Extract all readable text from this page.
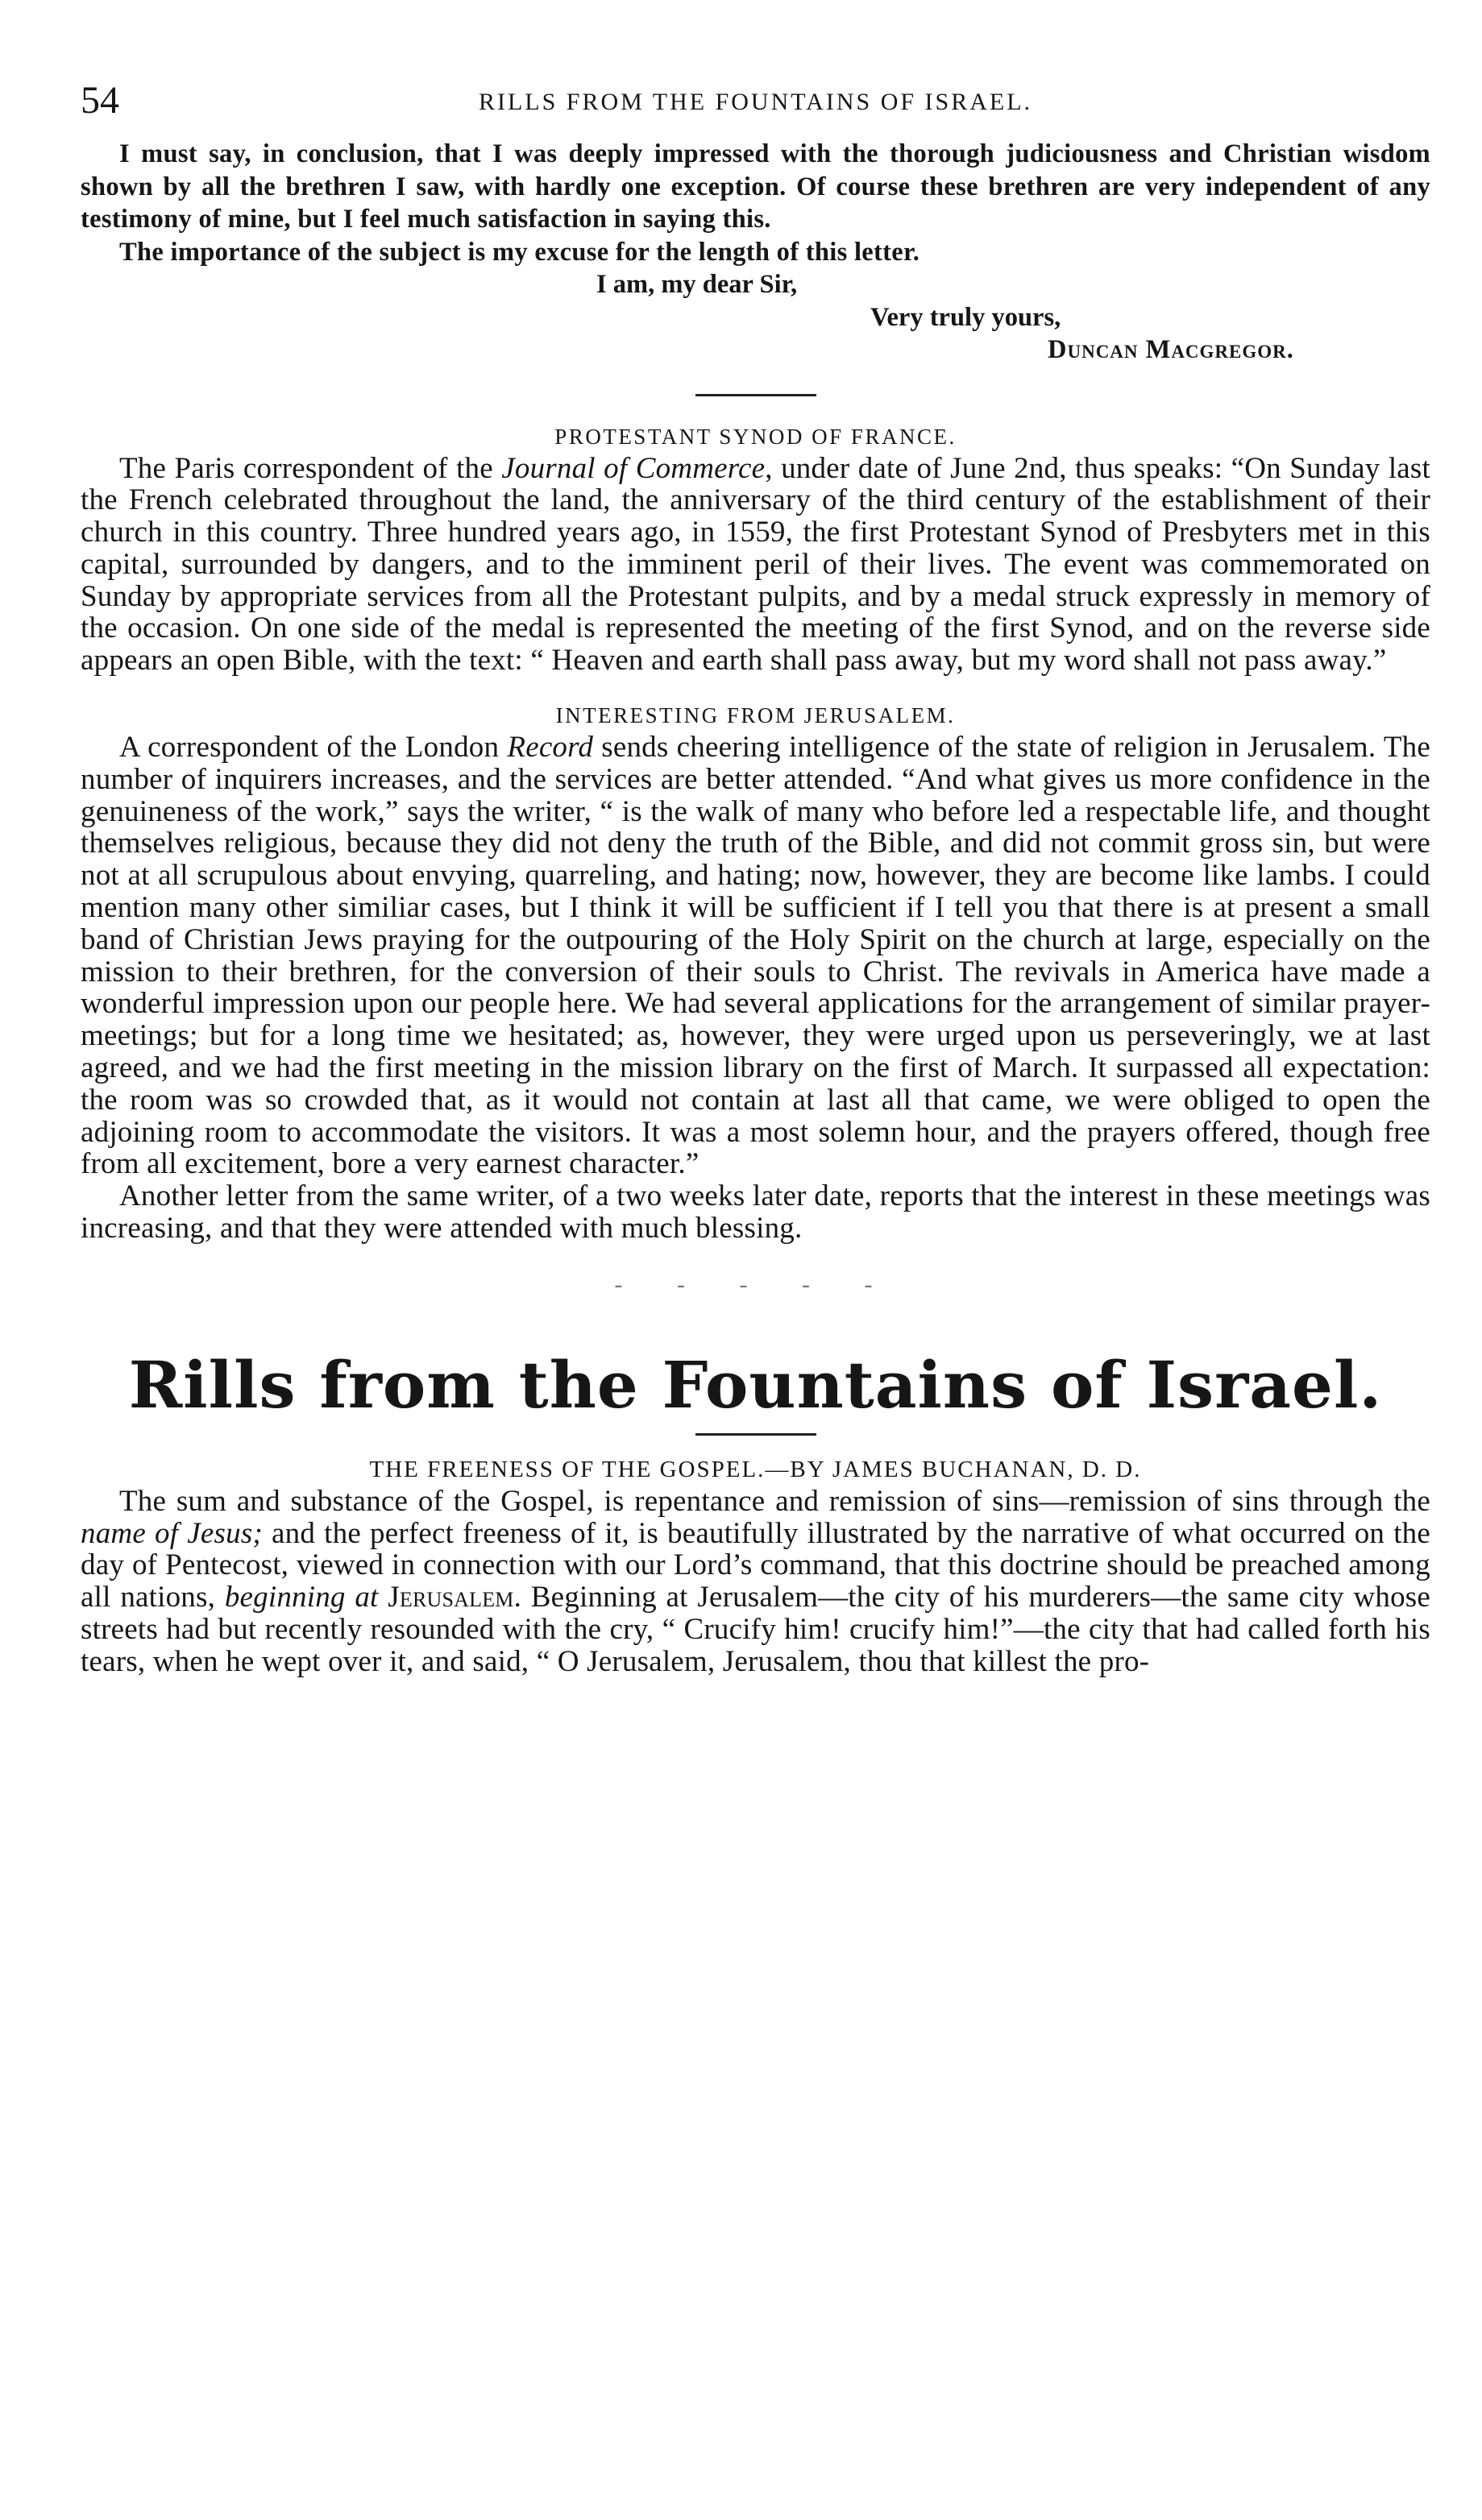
54	RILLS FROM THE FOUNTAINS OF ISRAEL.

I must say, in conclusion, that I was deeply impressed with the thorough judiciousness and Christian wisdom shown by all the brethren I saw, with hardly one exception. Of course these brethren are very independent of any testimony of mine, but I feel much satisfaction in saying this.

The importance of the subject is my excuse for the length of this letter.

I am, my dear Sir,
Very truly yours,
Duncan Macgregor.
PROTESTANT SYNOD OF FRANCE.

The Paris correspondent of the Journal of Commerce, under date of June 2nd, thus speaks: “On Sunday last the French celebrated throughout the land, the anniversary of the third century of the establishment of their church in this country. Three hundred years ago, in 1559, the first Protestant Synod of Presbyters met in this capital, surrounded by dangers, and to the imminent peril of their lives. The event was commemorated on Sunday by appropriate services from all the Protestant pulpits, and by a medal struck expressly in memory of the occasion. On one side of the medal is represented the meeting of the first Synod, and on the reverse side appears an open Bible, with the text: “ Heaven and earth shall pass away, but my word shall not pass away.”

INTERESTING FROM JERUSALEM.

A correspondent of the London Record sends cheering intelligence of the state of religion in Jerusalem. The number of inquirers increases, and the services are better attended. “And what gives us more confidence in the genuineness of the work,” says the writer, “ is the walk of many who before led a respectable life, and thought themselves religious, because they did not deny the truth of the Bible, and did not commit gross sin, but were not at all scrupulous about envying, quarreling, and hating; now, however, they are become like lambs. I could mention many other similiar cases, but I think it will be sufficient if I tell you that there is at present a small band of Christian Jews praying for the outpouring of the Holy Spirit on the church at large, especially on the mission to their brethren, for the conversion of their souls to Christ. The revivals in America have made a wonderful impression upon our people here. We had several applications for the arrangement of similar prayer-meetings; but for a long time we hesitated; as, however, they were urged upon us perseveringly, we at last agreed, and we had the first meeting in the mission library on the first of March. It surpassed all expectation: the room was so crowded that, as it would not contain at last all that came, we were obliged to open the adjoining room to accommodate the visitors. It was a most solemn hour, and the prayers offered, though free from all excitement, bore a very earnest character.”

Another letter from the same writer, of a two weeks later date, reports that the interest in these meetings was increasing, and that they were attended with much blessing.

- - - - -
Rills from the Fountains of Israel.
THE FREENESS OF THE GOSPEL.—BY JAMES BUCHANAN, D. D.

The sum and substance of the Gospel, is repentance and remission of sins—remission of sins through the name of Jesus; and the perfect freeness of it, is beautifully illustrated by the narrative of what occurred on the day of Pentecost, viewed in connection with our Lord’s command, that this doctrine should be preached among all nations, beginning at Jerusalem. Beginning at Jerusalem—the city of his murderers—the same city whose streets had but recently resounded with the cry, “ Crucify him! crucify him!”—the city that had called forth his tears, when he wept over it, and said, “ O Jerusalem, Jerusalem, thou that killest the pro-
